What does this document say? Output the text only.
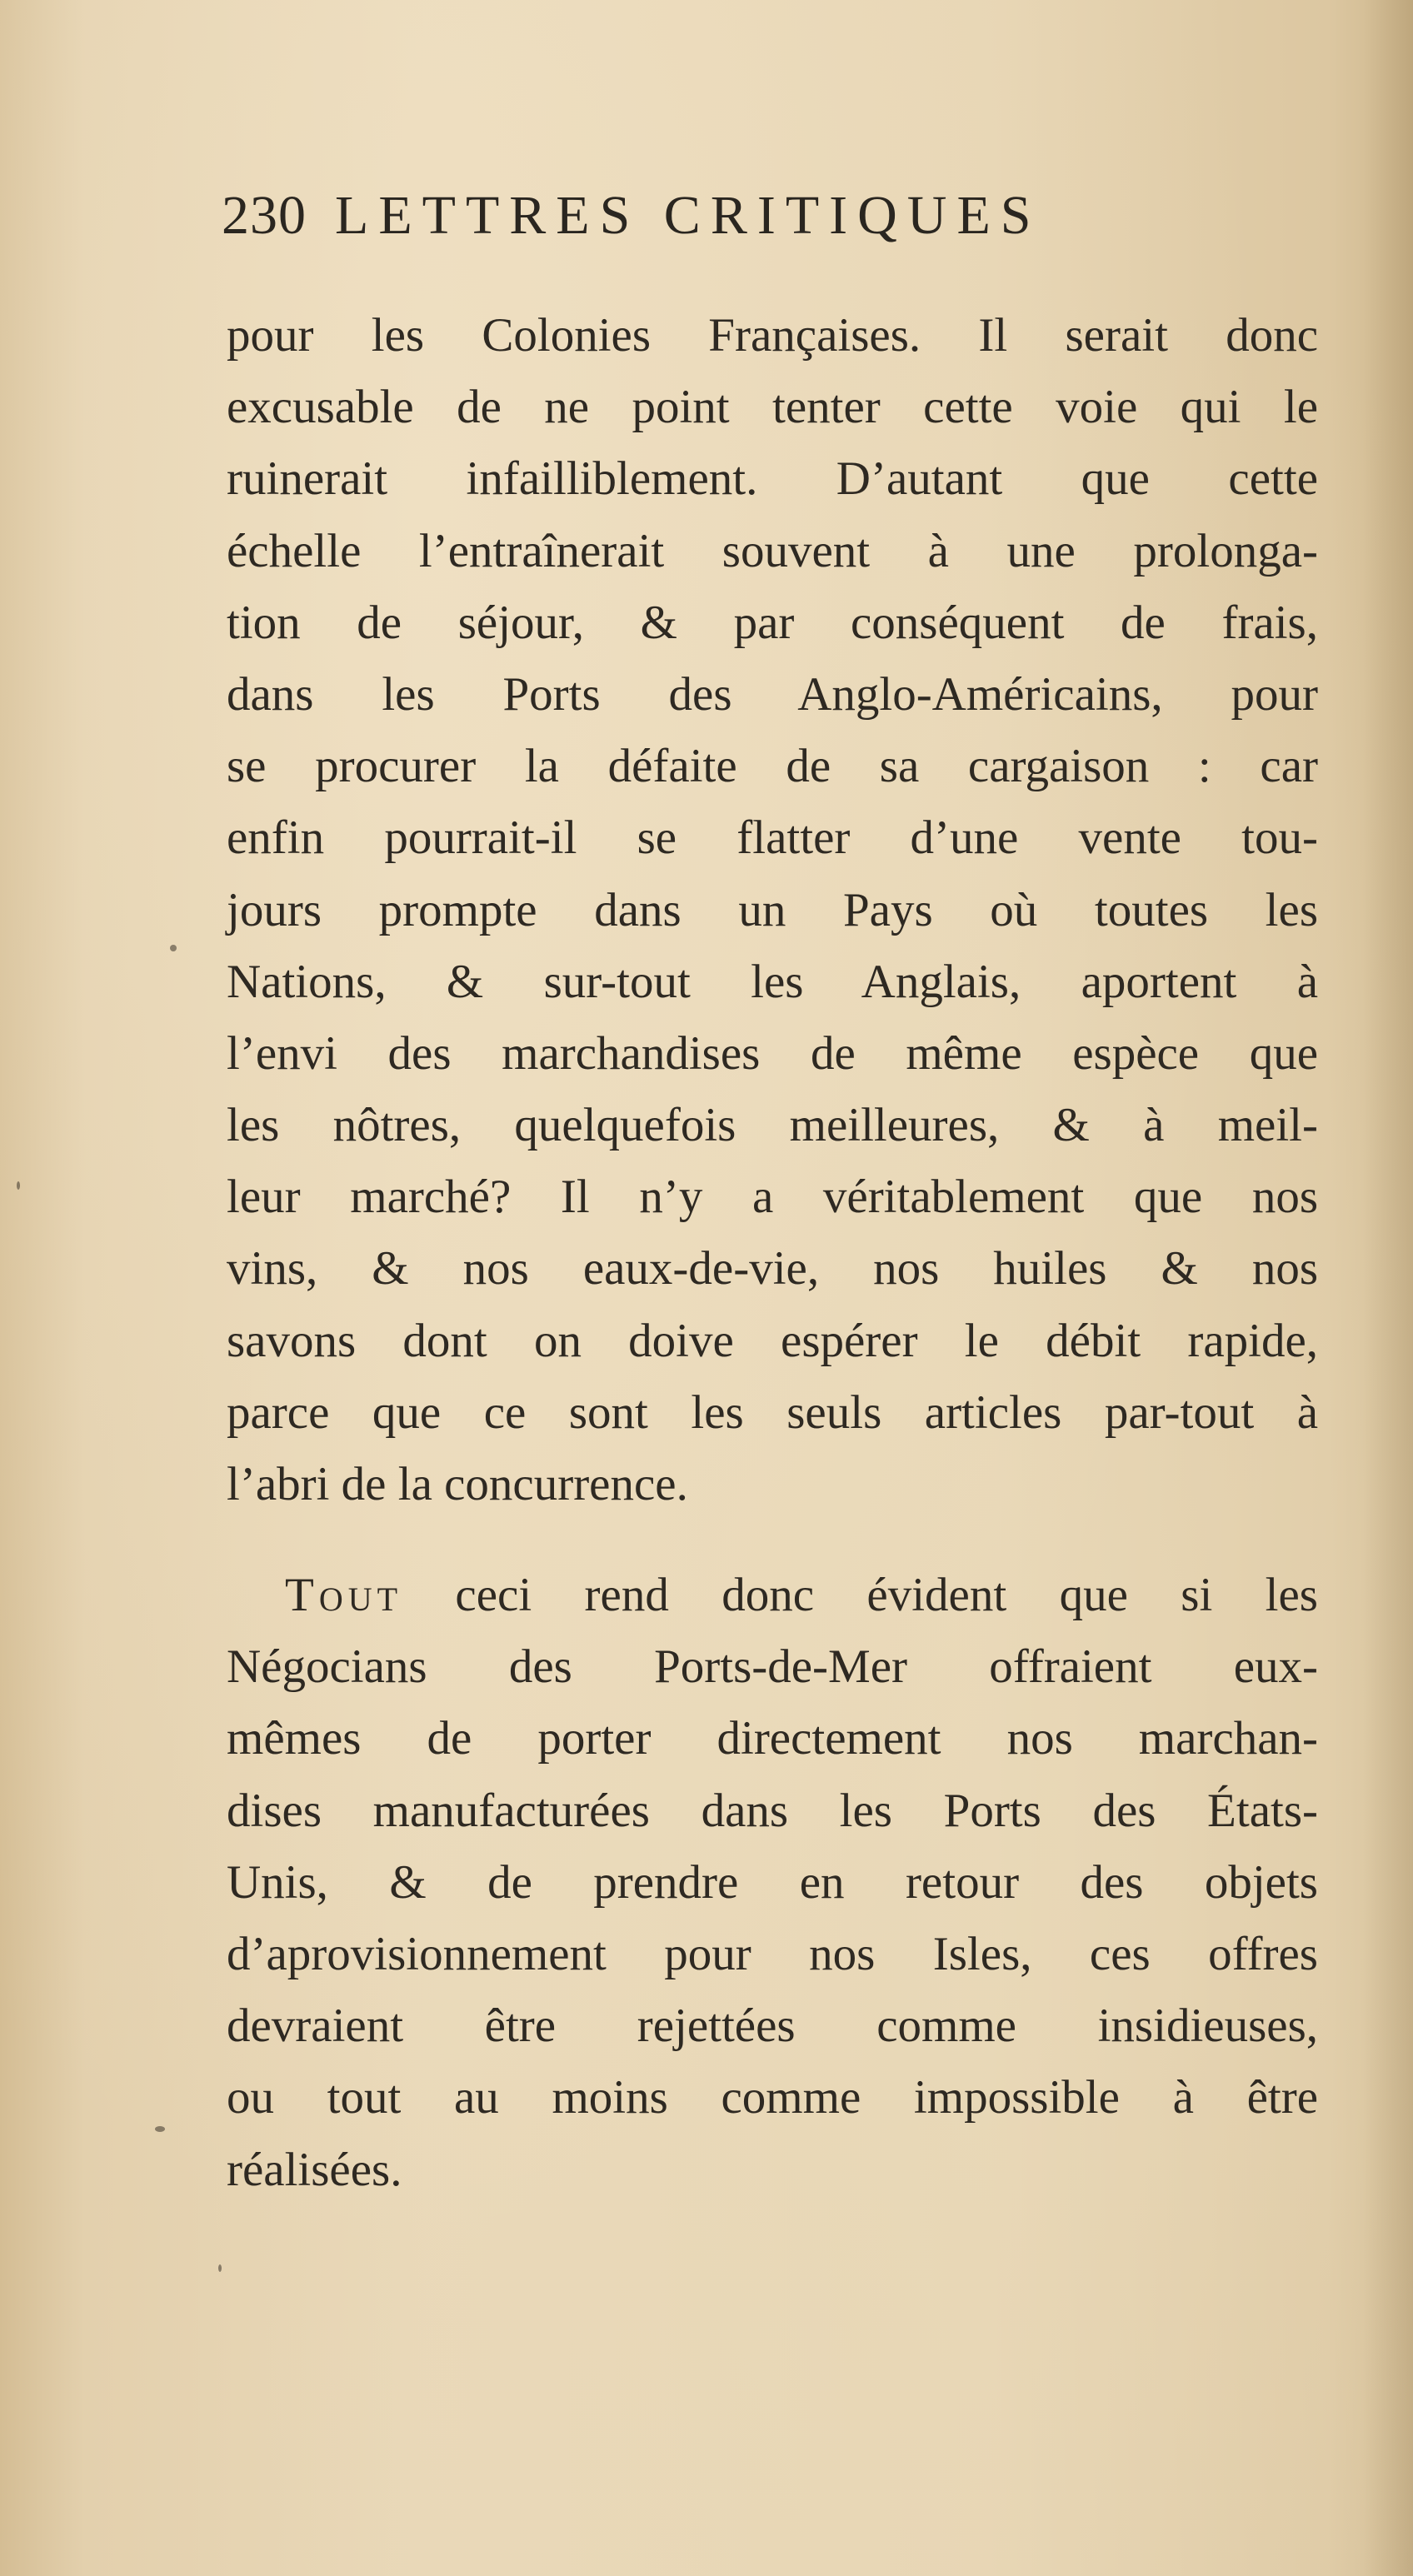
230 LETTRES CRITIQUES
pour les Colonies Françaises. Il serait donc
excusable de ne point tenter cette voie qui le
ruinerait infailliblement. D’autant que cette
échelle l’entraînerait souvent à une prolonga-
tion de séjour, & par conséquent de frais,
dans les Ports des Anglo-Américains, pour
se procurer la défaite de sa cargaison : car
enfin pourrait-il se flatter d’une vente tou-
jours prompte dans un Pays où toutes les
Nations, & sur-tout les Anglais, aportent à
l’envi des marchandises de même espèce que
les nôtres, quelquefois meilleures, & à meil-
leur marché? Il n’y a véritablement que nos
vins, & nos eaux-de-vie, nos huiles & nos
savons dont on doive espérer le débit rapide,
parce que ce sont les seuls articles par-tout à
l’abri de la concurrence.
Tout ceci rend donc évident que si les
Négocians des Ports-de-Mer offraient eux-
mêmes de porter directement nos marchan-
dises manufacturées dans les Ports des États-
Unis, & de prendre en retour des objets
d’aprovisionnement pour nos Isles, ces offres
devraient être rejettées comme insidieuses,
ou tout au moins comme impossible à être
réalisées.
